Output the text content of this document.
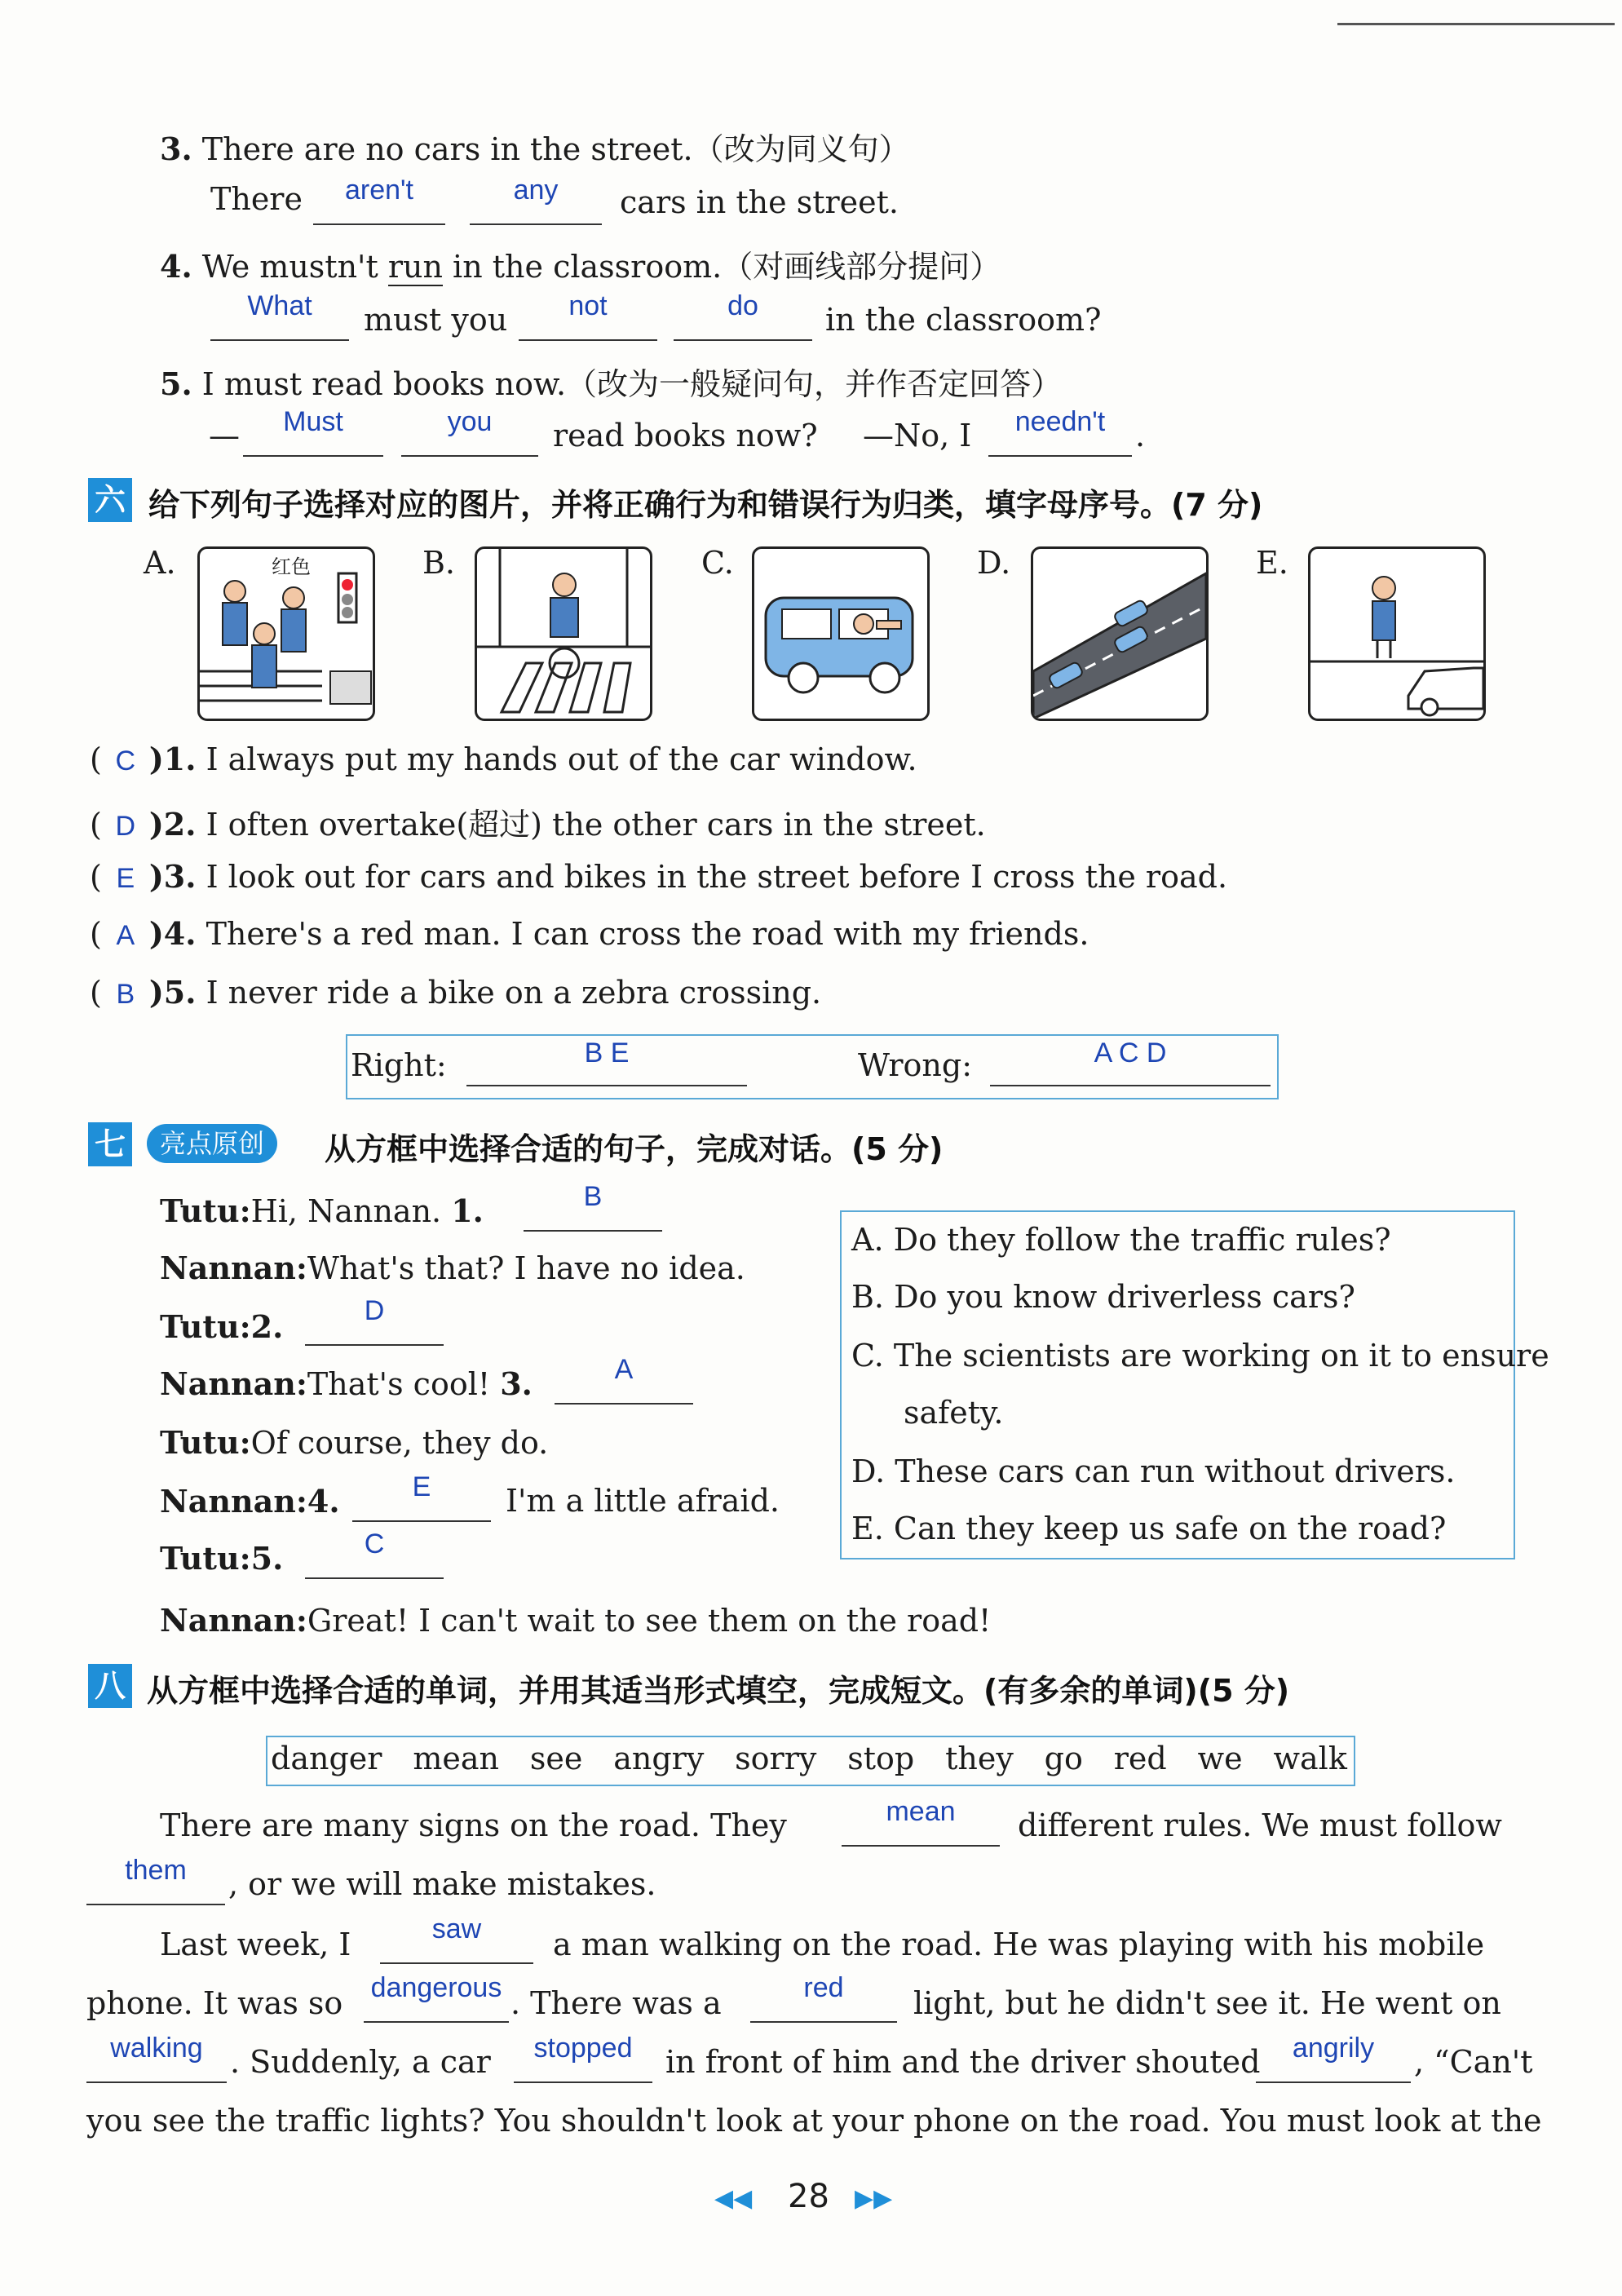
3. There are no cars in the street.（改为同义句）
There	aren't	any	cars in the street.
4. We mustn't run in the classroom.（对画线部分提问）
What	must you	not	do	in the classroom?
5. I must read books now.（改为一般疑问句，并作否定回答）
—	Must	you	read books now? —No, I	needn't .
六 给下列句子选择对应的图片，并将正确行为和错误行为归类，填字母序号。(7 分)
A.	红色	B.	C.	D.	E.
( C )1. I always put my hands out of the car window.
( D )2. I often overtake(超过) the other cars in the street.
( E )3. I look out for cars and bikes in the street before I cross the road.
( A )4. There's a red man. I can cross the road with my friends.
( B )5. I never ride a bike on a zebra crossing.
Right:	B E	Wrong:	A C D
七	亮点原创	从方框中选择合适的句子，完成对话。(5 分)
Tutu:Hi, Nannan. 1.	B
Nannan:What's that? I have no idea.
Tutu:2.	D
Nannan:That's cool! 3.	A
Tutu:Of course, they do.
Nannan:4.	E	I'm a little afraid.
Tutu:5.	C
Nannan:Great! I can't wait to see them on the road!
A. Do they follow the traffic rules?
B. Do you know driverless cars?
C. The scientists are working on it to ensure
safety.
D. These cars can run without drivers.
E. Can they keep us safe on the road?
八 从方框中选择合适的单词，并用其适当形式填空，完成短文。(有多余的单词)(5 分)
danger mean see angry sorry stop they go red we walk
There are many signs on the road. They	mean	different rules. We must follow
them	, or we will make mistakes.
Last week, I	saw	a man walking on the road. He was playing with his mobile
phone. It was so dangerous . There was a	red	light, but he didn't see it. He went on
walking . Suddenly, a car	stopped	in front of him and the driver shouted	angrily	, “Can't
you see the traffic lights? You shouldn't look at your phone on the road. You must look at the
◀◀ 28 ▶▶
